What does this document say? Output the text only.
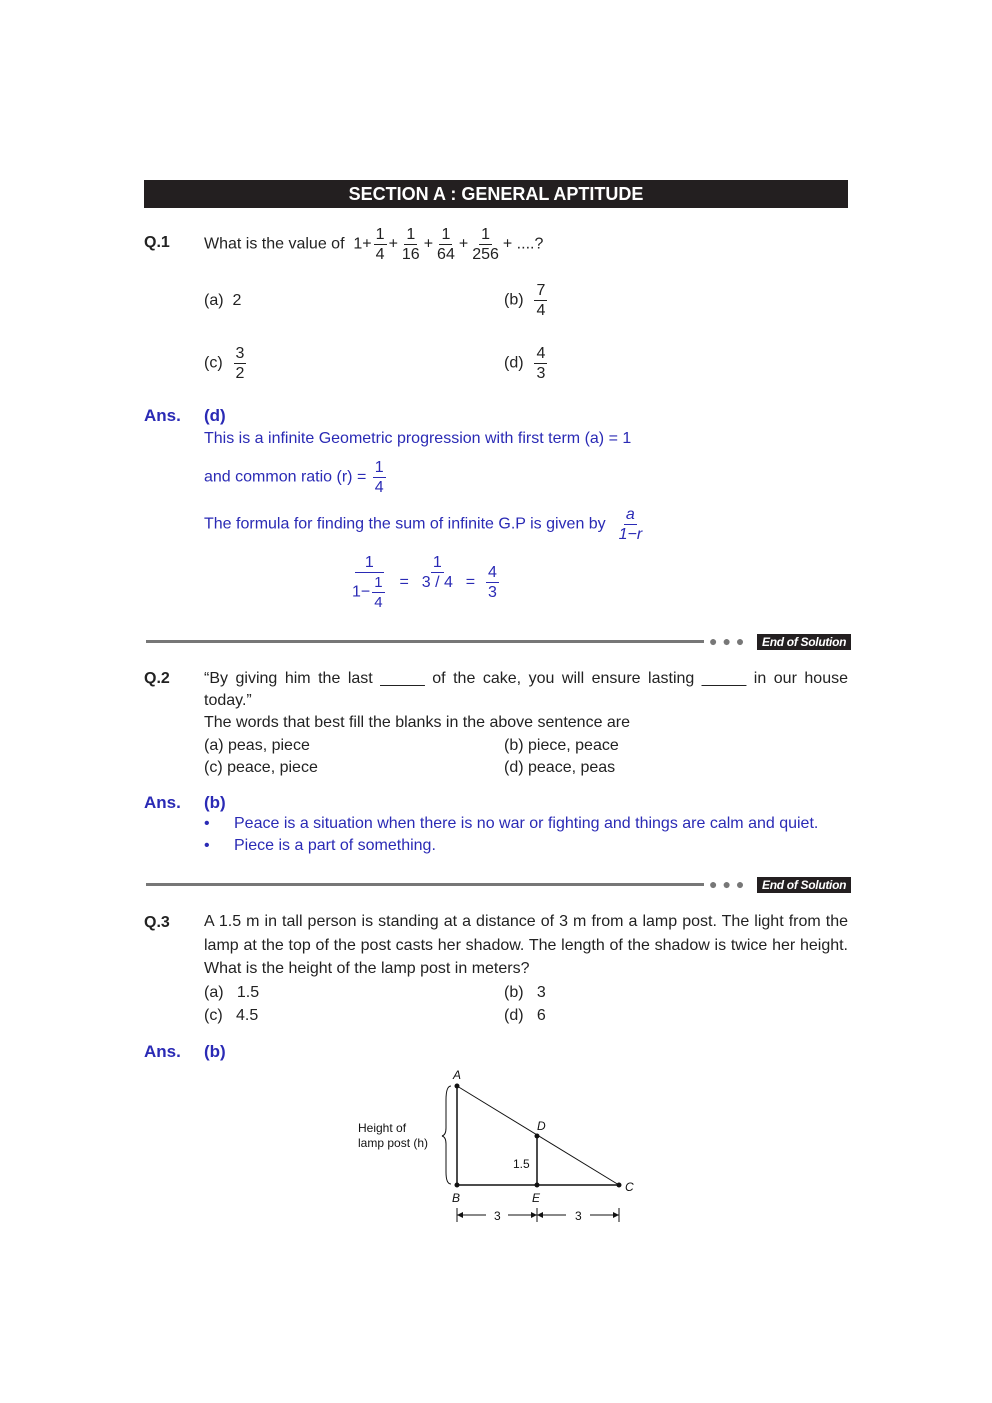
SECTION A : GENERAL APTITUDE
Q.1 What is the value of $1+ \frac{1}{4} + \frac{1}{16} + \frac{1}{64} + \frac{1}{256}$ + ....?
(a) 2	$(b) \frac{7}{4}$
$(c) \frac{3}{2}$	$(d) \frac{4}{3}$
Ans. (d)
This is a infinite Geometric progression with first term (a) = 1
and common ratio $(r) = \frac{1}{4}$
The formula for finding the sum of infinite G.P is given by $\frac{a}{1-r}$
$\frac{1}{1- \frac{1}{4}} = \frac{1}{3 / 4} = \frac{4}{3}$
●●●	End of Solution
Q.2 “By giving him the last _____ of the cake, you will ensure lasting _____ in our house
today.”
The words that best fill the blanks in the above sentence are
(a) peas, piece	(b) piece, peace
(c) peace, piece	(d) peace, peas
Ans. (b)
• Peace is a situation when there is no war or fighting and things are calm and quiet.
• Piece is a part of something.
●●●	End of Solution
Q.3 A 1.5 m in tall person is standing at a distance of 3 m from a lamp post. The light from the lamp at the top of the post casts her shadow. The length of the shadow is twice her height. What is the height of the lamp post in meters?
(a) 1.5	(b) 3
(c) 4.5	(d) 6
Ans. (b)
A
B
C
D
E
Height of
lamp post (h)
1.5
3	3
